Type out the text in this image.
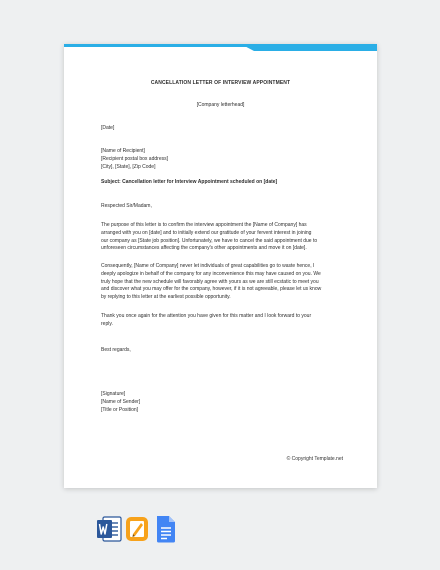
CANCELLATION LETTER OF INTERVIEW APPOINTMENT
[Company letterhead]

[Date]

[Name of Recipient]

[Recipient postal box address]

[City], [State], [Zip Code]

Subject: Cancellation letter for Interview Appointment scheduled on [date]

Respected Sir/Madam,

The purpose of this letter is to confirm the interview appointment the [Name of Company] has

arranged with you on [date] and to initially extend our gratitude of your fervent interest in joining

our company as [State job position]. Unfortunately, we have to cancel the said appointment due to

unforeseen circumstances affecting the company's other appointments and move it on [date].

Consequently, [Name of Company] never let individuals of great capabilities go to waste hence, I

deeply apologize in behalf of the company for any inconvenience this may have caused on you. We

truly hope that the new schedule will favorably agree with yours as we are still ecstatic to meet you

and discover what you may offer for the company, however, if it is not agreeable, please let us know

by replying to this letter at the earliest possible opportunity.

Thank you once again for the attention you have given for this matter and I look forward to your

reply.

Best regards,

[Signature]

[Name of Sender]

[Title or Position]

© Copyright Template.net
